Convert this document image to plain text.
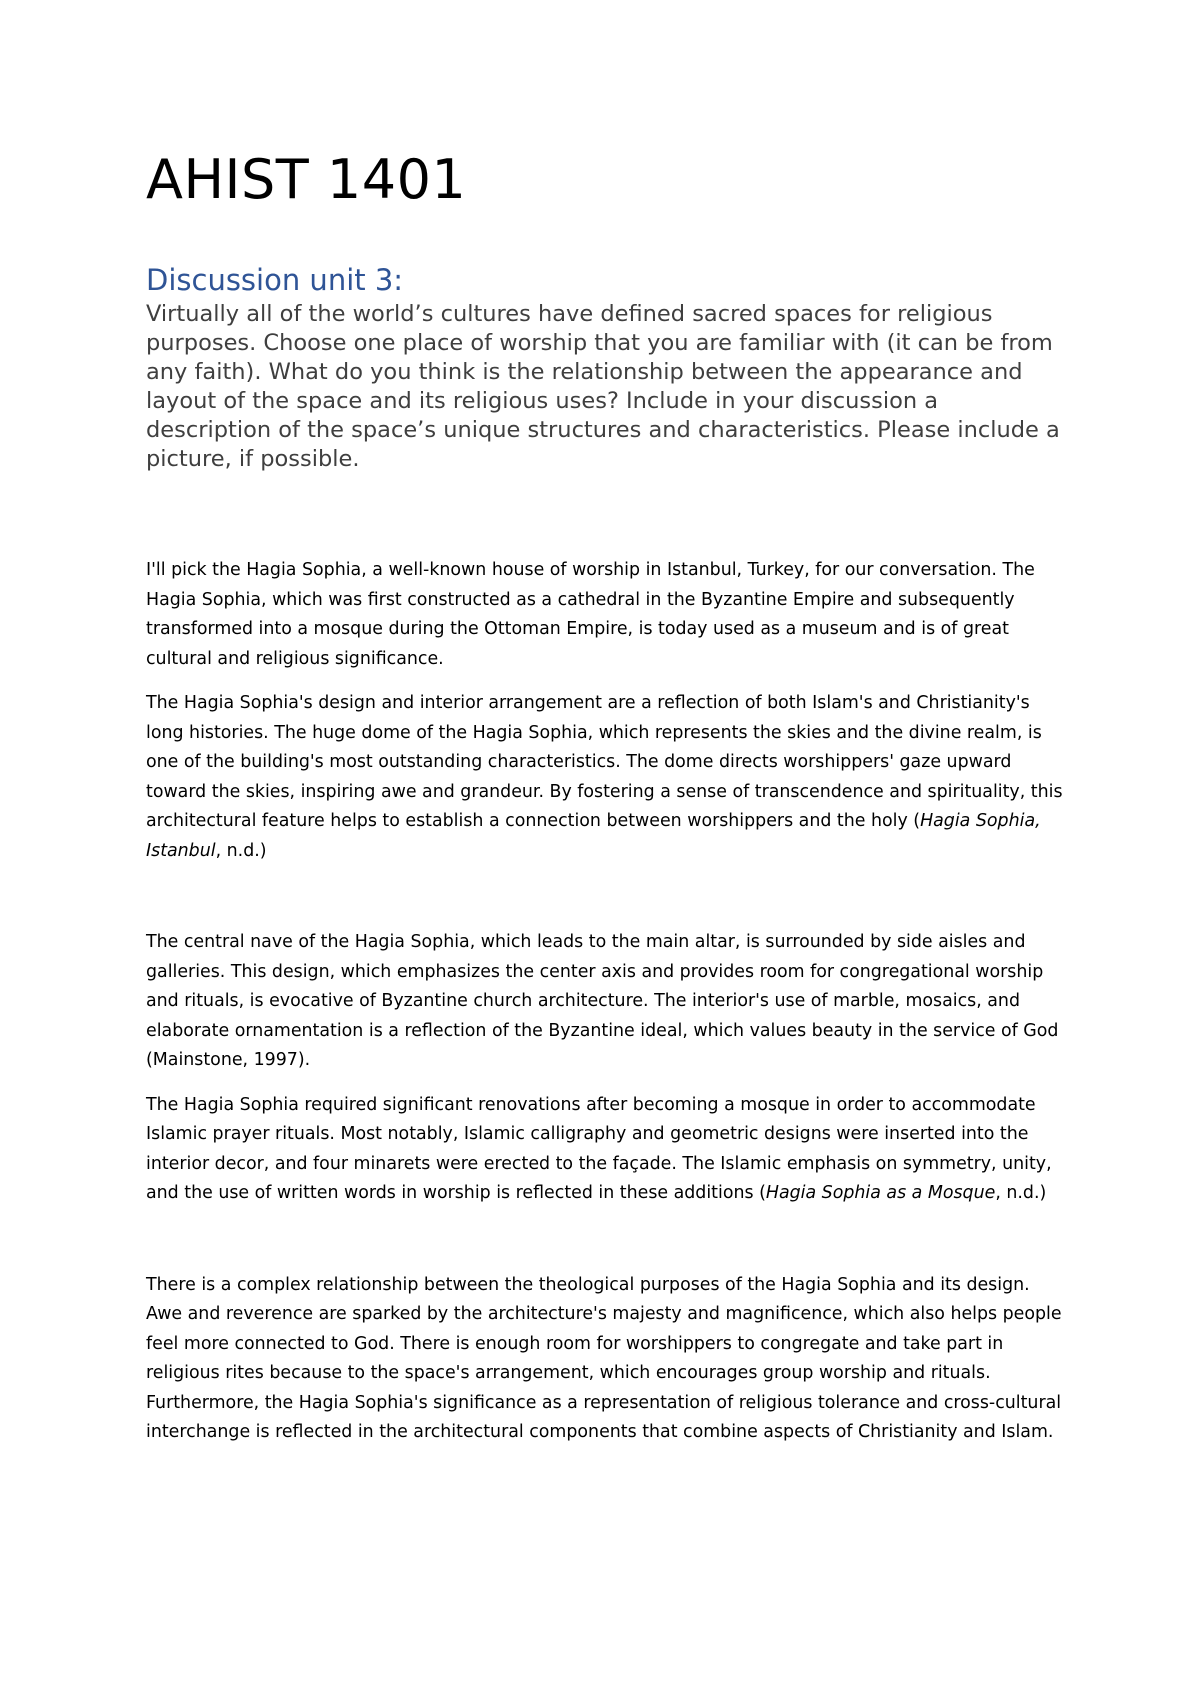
AHIST 1401
Discussion unit 3:

Virtually all of the world’s cultures have defined sacred spaces for religious purposes. Choose one place of worship that you are familiar with (it can be from any faith). What do you think is the relationship between the appearance and layout of the space and its religious uses? Include in your discussion a description of the space’s unique structures and characteristics. Please include a picture, if possible.

I'll pick the Hagia Sophia, a well-known house of worship in Istanbul, Turkey, for our conversation. The Hagia Sophia, which was first constructed as a cathedral in the Byzantine Empire and subsequently transformed into a mosque during the Ottoman Empire, is today used as a museum and is of great cultural and religious significance.

The Hagia Sophia's design and interior arrangement are a reflection of both Islam's and Christianity's long histories. The huge dome of the Hagia Sophia, which represents the skies and the divine realm, is one of the building's most outstanding characteristics. The dome directs worshippers' gaze upward toward the skies, inspiring awe and grandeur. By fostering a sense of transcendence and spirituality, this architectural feature helps to establish a connection between worshippers and the holy (Hagia Sophia, Istanbul, n.d.)

The central nave of the Hagia Sophia, which leads to the main altar, is surrounded by side aisles and galleries. This design, which emphasizes the center axis and provides room for congregational worship and rituals, is evocative of Byzantine church architecture. The interior's use of marble, mosaics, and elaborate ornamentation is a reflection of the Byzantine ideal, which values beauty in the service of God (Mainstone, 1997).

The Hagia Sophia required significant renovations after becoming a mosque in order to accommodate Islamic prayer rituals. Most notably, Islamic calligraphy and geometric designs were inserted into the interior decor, and four minarets were erected to the façade. The Islamic emphasis on symmetry, unity, and the use of written words in worship is reflected in these additions (Hagia Sophia as a Mosque, n.d.)

There is a complex relationship between the theological purposes of the Hagia Sophia and its design. Awe and reverence are sparked by the architecture's majesty and magnificence, which also helps people feel more connected to God. There is enough room for worshippers to congregate and take part in religious rites because to the space's arrangement, which encourages group worship and rituals. Furthermore, the Hagia Sophia's significance as a representation of religious tolerance and cross-cultural interchange is reflected in the architectural components that combine aspects of Christianity and Islam.
